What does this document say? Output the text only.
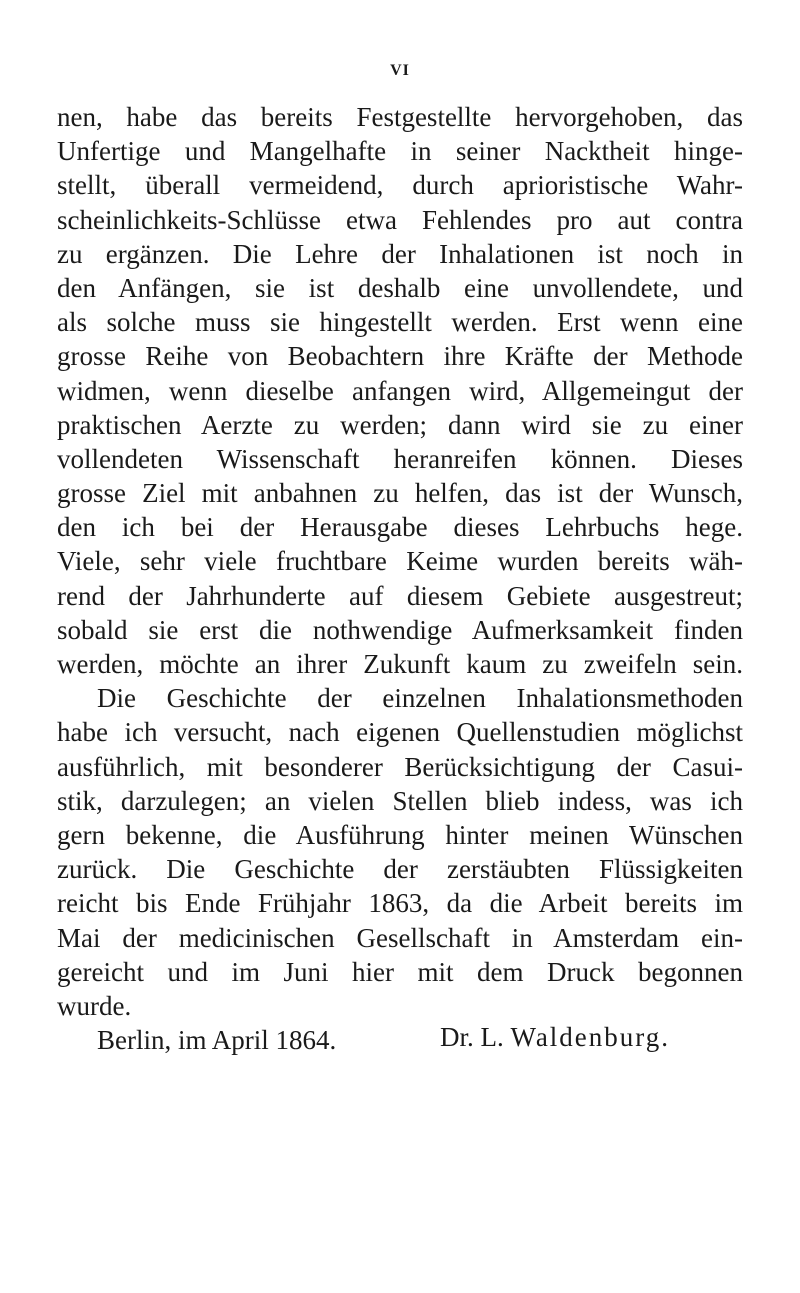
VI
nen, habe das bereits Festgestellte hervorgehoben, das
Unfertige und Mangelhafte in seiner Nacktheit hinge-
stellt, überall vermeidend, durch aprioristische Wahr-
scheinlichkeits-Schlüsse etwa Fehlendes pro aut contra
zu ergänzen. Die Lehre der Inhalationen ist noch in
den Anfängen, sie ist deshalb eine unvollendete, und
als solche muss sie hingestellt werden. Erst wenn eine
grosse Reihe von Beobachtern ihre Kräfte der Methode
widmen, wenn dieselbe anfangen wird, Allgemeingut der
praktischen Aerzte zu werden; dann wird sie zu einer
vollendeten Wissenschaft heranreifen können. Dieses
grosse Ziel mit anbahnen zu helfen, das ist der Wunsch,
den ich bei der Herausgabe dieses Lehrbuchs hege.
Viele, sehr viele fruchtbare Keime wurden bereits wäh-
rend der Jahrhunderte auf diesem Gebiete ausgestreut;
sobald sie erst die nothwendige Aufmerksamkeit finden
werden, möchte an ihrer Zukunft kaum zu zweifeln sein.
Die Geschichte der einzelnen Inhalationsmethoden
habe ich versucht, nach eigenen Quellenstudien möglichst
ausführlich, mit besonderer Berücksichtigung der Casui-
stik, darzulegen; an vielen Stellen blieb indess, was ich
gern bekenne, die Ausführung hinter meinen Wünschen
zurück. Die Geschichte der zerstäubten Flüssigkeiten
reicht bis Ende Frühjahr 1863, da die Arbeit bereits im
Mai der medicinischen Gesellschaft in Amsterdam ein-
gereicht und im Juni hier mit dem Druck begonnen
wurde.
Berlin, im April 1864.	Dr. L. Waldenburg.
